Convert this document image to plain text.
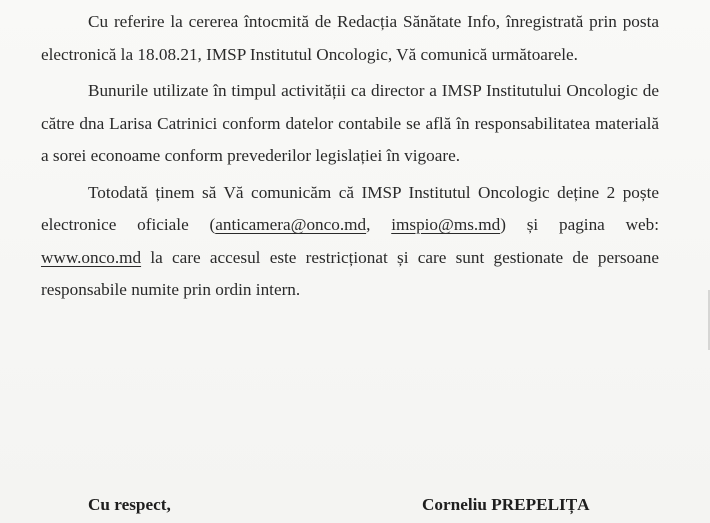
Cu referire la cererea întocmită de Redacția Sănătate Info, înregistrată prin posta electronică la 18.08.21, IMSP Institutul Oncologic, Vă comunică următoarele.

Bunurile utilizate în timpul activității ca director a IMSP Institutului Oncologic de către dna Larisa Catrinici conform datelor contabile se află în responsabilitatea materială a sorei econoame conform prevederilor legislației în vigoare.

Totodată ținem să Vă comunicăm că IMSP Institutul Oncologic deține 2 poște electronice oficiale (anticamera@onco.md, imspio@ms.md) și pagina web: www.onco.md la care accesul este restricționat și care sunt gestionate de persoane responsabile numite prin ordin intern.

Cu respect,	Corneliu PREPELIȚA
